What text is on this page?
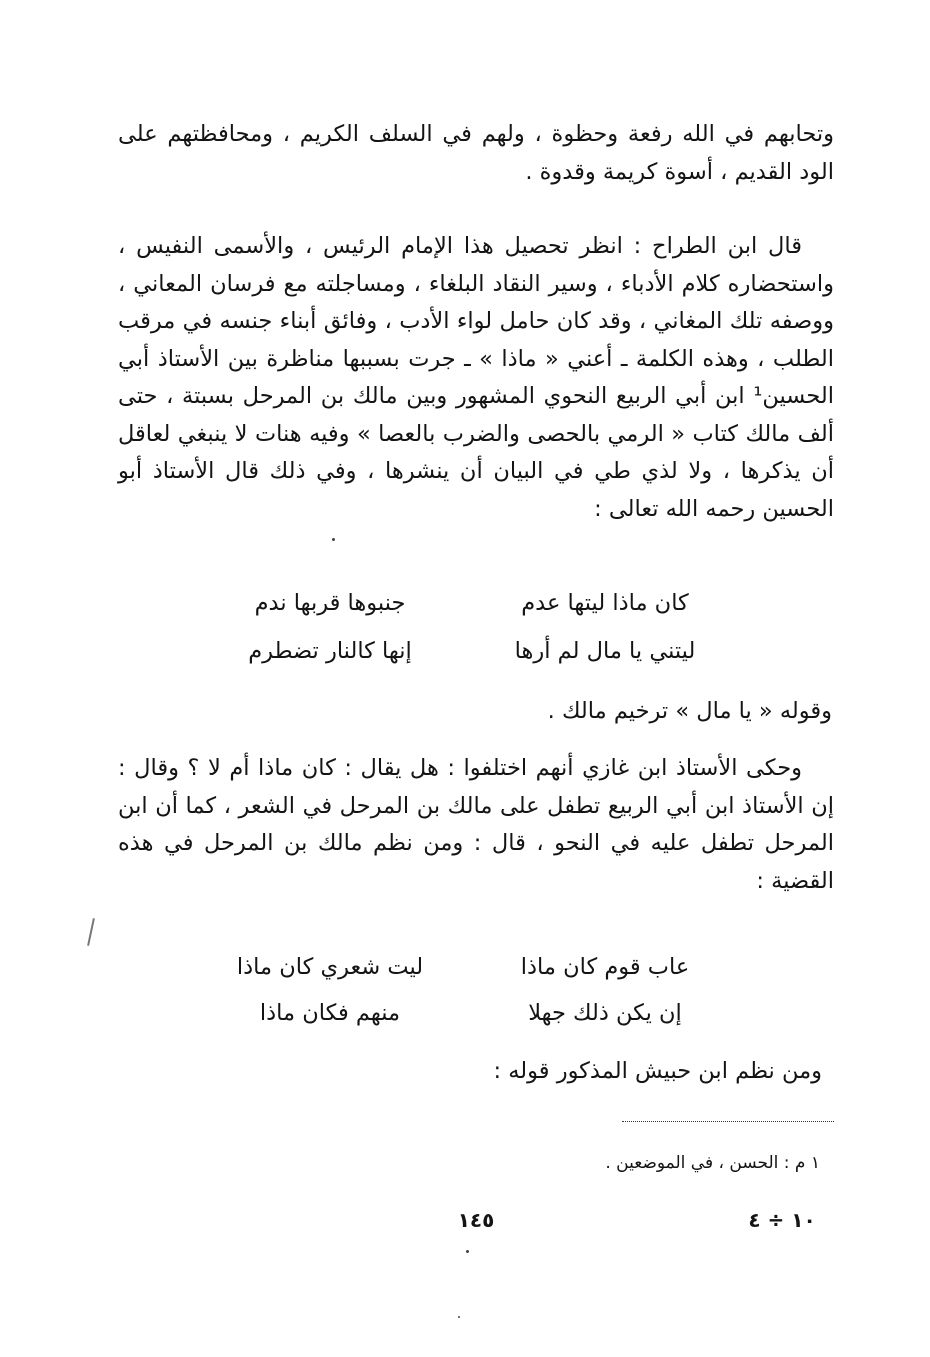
وتحابهم في الله رفعة وحظوة ، ولهم في السلف الكريم ، ومحافظتهم على الود القديم ، أسوة كريمة وقدوة .

قال ابن الطراح : انظر تحصيل هذا الإمام الرئيس ، والأسمى النفيس ، واستحضاره كلام الأدباء ، وسير النقاد البلغاء ، ومساجلته مع فرسان المعاني ، ووصفه تلك المغاني ، وقد كان حامل لواء الأدب ، وفائق أبناء جنسه في مرقب الطلب ، وهذه الكلمة ـ أعني « ماذا » ـ جرت بسببها مناظرة بين الأستاذ أبي الحسين¹ ابن أبي الربيع النحوي المشهور وبين مالك بن المرحل بسبتة ، حتى ألف مالك كتاب « الرمي بالحصى والضرب بالعصا » وفيه هنات لا ينبغي لعاقل أن يذكرها ، ولا لذي طي في البيان أن ينشرها ، وفي ذلك قال الأستاذ أبو الحسين رحمه الله تعالى :

كان ماذا ليتها عدم
جنبوها قربها ندم
ليتني يا مال لم أرها
إنها كالنار تضطرم
وقوله « يا مال » ترخيم مالك .

وحكى الأستاذ ابن غازي أنهم اختلفوا : هل يقال : كان ماذا أم لا ؟ وقال : إن الأستاذ ابن أبي الربيع تطفل على مالك بن المرحل في الشعر ، كما أن ابن المرحل تطفل عليه في النحو ، قال : ومن نظم مالك بن المرحل في هذه القضية :

عاب قوم كان ماذا
ليت شعري كان ماذا
إن يكن ذلك جهلا
منهم فكان ماذا
ومن نظم ابن حبيش المذكور قوله :
١ م : الحسن ، في الموضعين .
١٤٥	١٠ ÷ ٤
